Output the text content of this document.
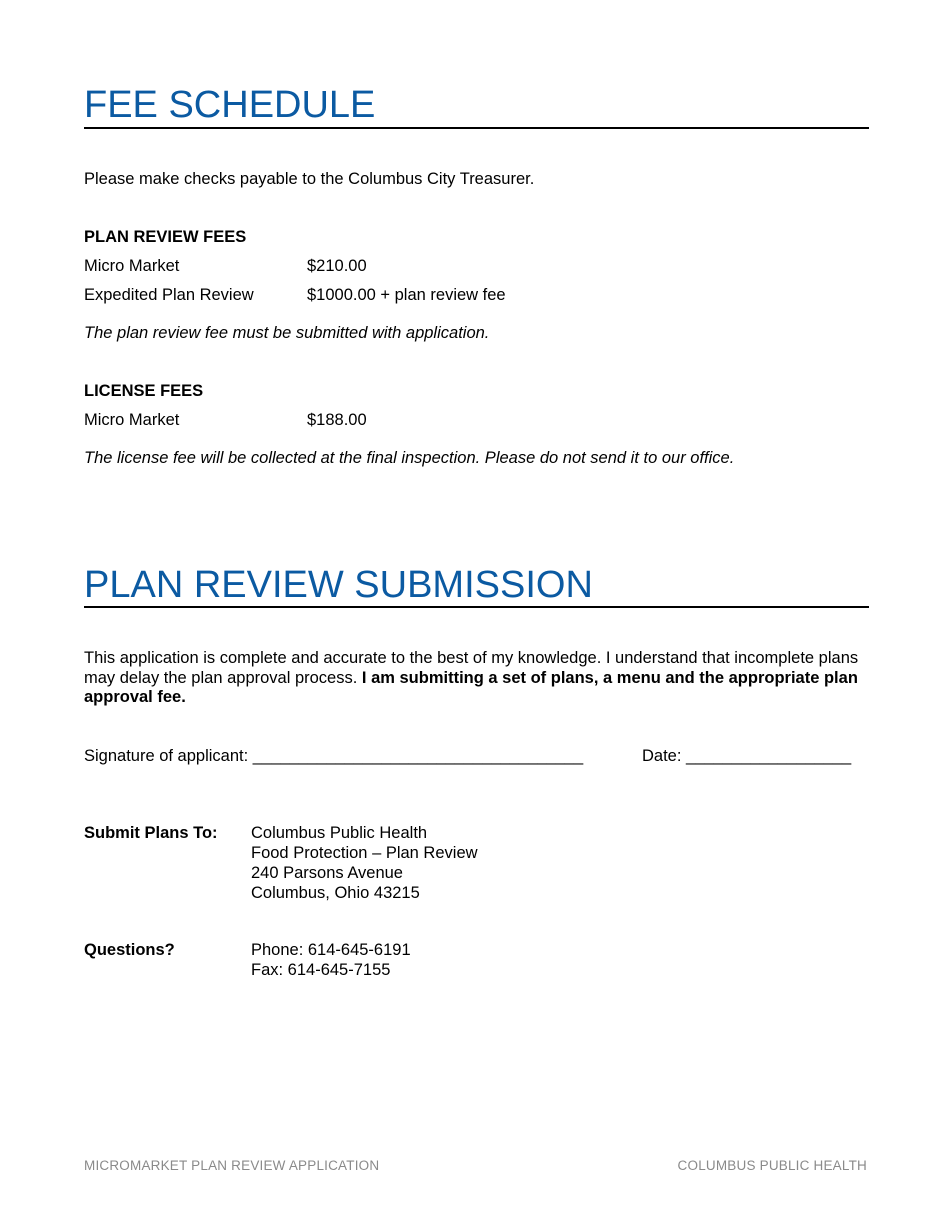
FEE SCHEDULE
Please make checks payable to the Columbus City Treasurer.
PLAN REVIEW FEES
Micro Market	$210.00
Expedited Plan Review	$1000.00 + plan review fee
The plan review fee must be submitted with application.
LICENSE FEES
Micro Market	$188.00
The license fee will be collected at the final inspection. Please do not send it to our office.
PLAN REVIEW SUBMISSION
This application is complete and accurate to the best of my knowledge. I understand that incomplete plans may delay the plan approval process. I am submitting a set of plans, a menu and the appropriate plan approval fee.
Signature of applicant: ____________________________________	Date: __________________
Submit Plans To: Columbus Public Health
Food Protection – Plan Review
240 Parsons Avenue
Columbus, Ohio 43215
Questions?	Phone: 614-645-6191
Fax: 614-645-7155
MICROMARKET PLAN REVIEW APPLICATION	COLUMBUS PUBLIC HEALTH
